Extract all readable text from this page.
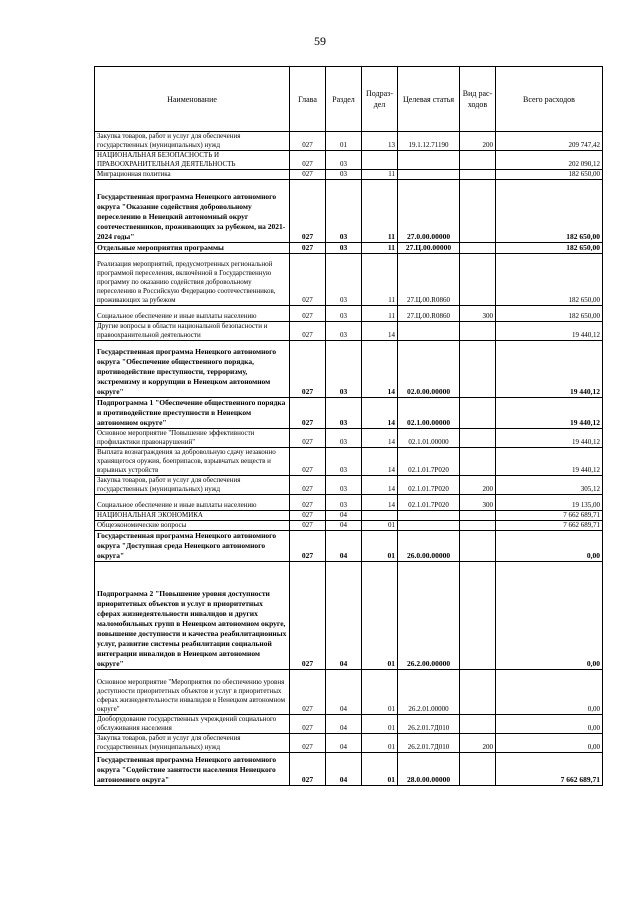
59
Наименование	Глава	Раздел	Подраз-дел	Целевая статья	Вид рас-ходов	Всего расходов
Закупка товаров, работ и услуг для обеспечения государственных (муниципальных) нужд	027	01	13	19.1.12.71190	200	209 747,42
НАЦИОНАЛЬНАЯ БЕЗОПАСНОСТЬ И ПРАВООХРАНИТЕЛЬНАЯ ДЕЯТЕЛЬНОСТЬ	027	03				202 090,12
Миграционная политика	027	03	11			182 650,00
Государственная программа Ненецкого автономного округа "Оказание содействия добровольному переселению в Ненецкий автономный округ соотечественников, проживающих за рубежом, на 2021-2024 годы"	027	03	11	27.0.00.00000		182 650,00
Отдельные мероприятия программы	027	03	11	27.Ц.00.00000		182 650,00
Реализация мероприятий, предусмотренных региональной программой переселения, включённой в Государственную программу по оказанию содействия добровольному переселению в Российскую Федерацию соотечественников, проживающих за рубежом	027	03	11	27.Ц.00.R0860		182 650,00
Социальное обеспечение и иные выплаты населению	027	03	11	27.Ц.00.R0860	300	182 650,00
Другие вопросы в области национальной безопасности и правоохранительной деятельности	027	03	14			19 440,12
Государственная программа Ненецкого автономного округа "Обеспечение общественного порядка, противодействие преступности, терроризму, экстремизму и коррупции в Ненецком автономном округе"	027	03	14	02.0.00.00000		19 440,12
Подпрограмма 1 "Обеспечение общественного порядка и противодействие преступности в Ненецком автономном округе"	027	03	14	02.1.00.00000		19 440,12
Основное мероприятие "Повышение эффективности профилактики правонарушений"	027	03	14	02.1.01.00000		19 440,12
Выплата вознаграждения за добровольную сдачу незаконно хранящегося оружия, боеприпасов, взрывчатых веществ и взрывных устройств	027	03	14	02.1.01.7Р020		19 440,12
Закупка товаров, работ и услуг для обеспечения государственных (муниципальных) нужд	027	03	14	02.1.01.7Р020	200	305,12
Социальное обеспечение и иные выплаты населению	027	03	14	02.1.01.7Р020	300	19 135,00
НАЦИОНАЛЬНАЯ ЭКОНОМИКА	027	04				7 662 689,71
Общеэкономические вопросы	027	04	01			7 662 689,71
Государственная программа Ненецкого автономного округа "Доступная среда Ненецкого автономного округа"	027	04	01	26.0.00.00000		0,00
Подпрограмма 2 "Повышение уровня доступности приоритетных объектов и услуг в приоритетных сферах жизнедеятельности инвалидов и других маломобильных групп в Ненецком автономном округе, повышение доступности и качества реабилитационных услуг, развитие системы реабилитации социальной интеграции инвалидов в Ненецком автономном округе"	027	04	01	26.2.00.00000		0,00
Основное мероприятие "Мероприятия по обеспечению уровня доступности приоритетных объектов и услуг в приоритетных сферах жизнедеятельности инвалидов в Ненецком автономном округе"	027	04	01	26.2.01.00000		0,00
Дооборудование государственных учреждений социального обслуживания населения	027	04	01	26.2.01.7Д010		0,00
Закупка товаров, работ и услуг для обеспечения государственных (муниципальных) нужд	027	04	01	26.2.01.7Д010	200	0,00
Государственная программа Ненецкого автономного округа "Содействие занятости населения Ненецкого автономного округа"	027	04	01	28.0.00.00000		7 662 689,71
